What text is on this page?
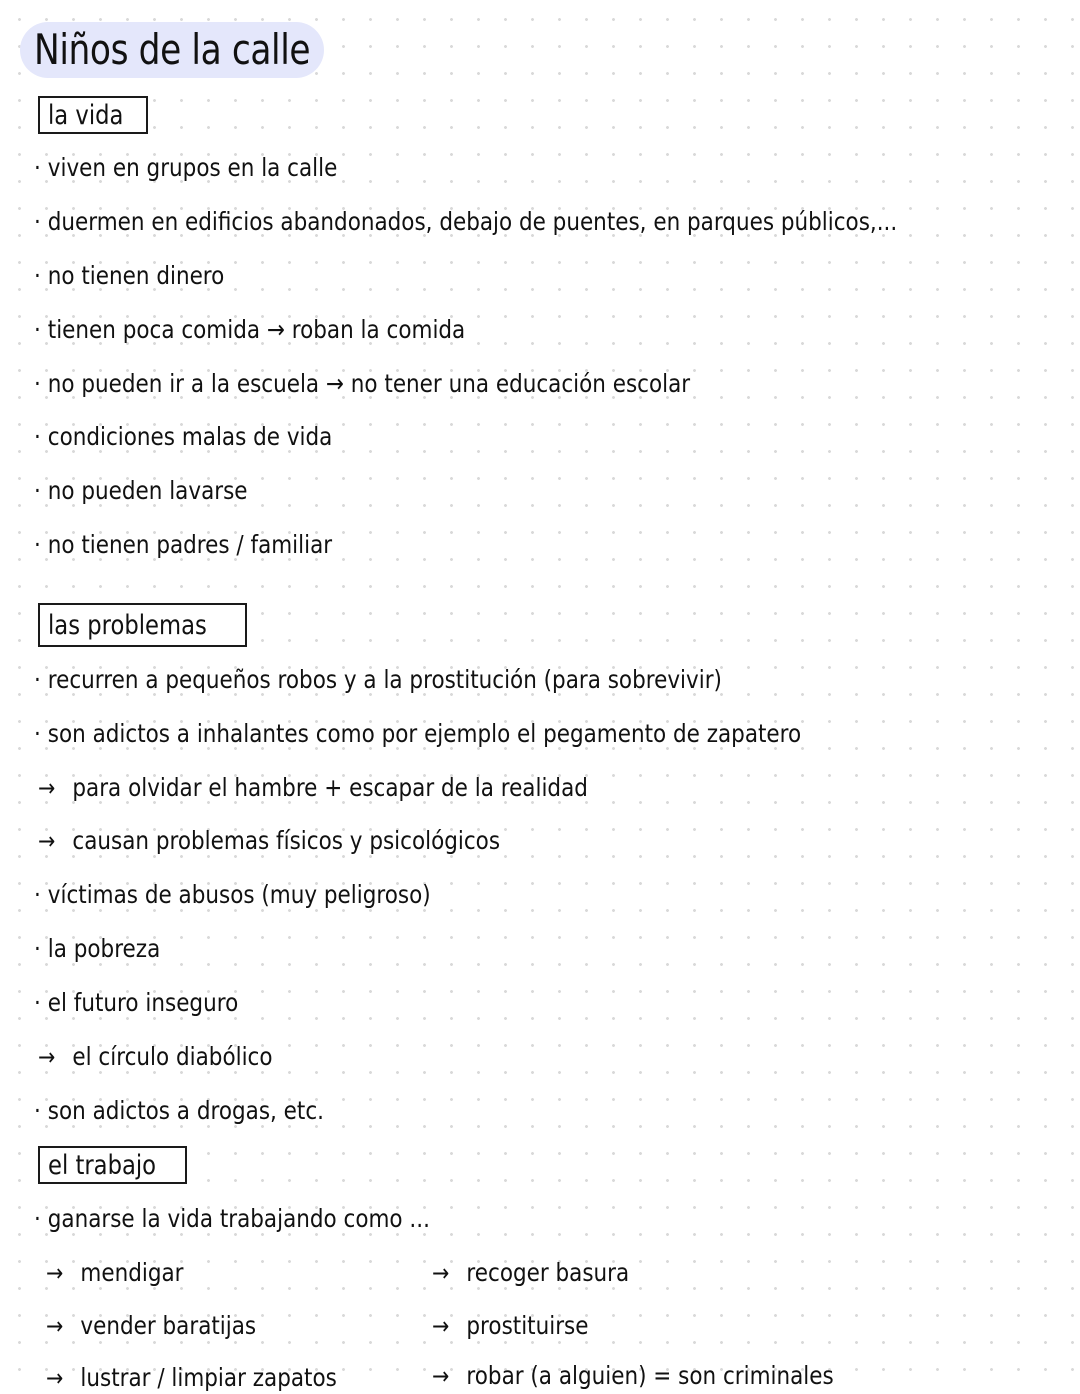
Niños de la calle
la vida
· viven en grupos en la calle
· duermen en edificios abandonados, debajo de puentes, en parques públicos,...
· no tienen dinero
· tienen poca comida → roban la comida
· no pueden ir a la escuela → no tener una educación escolar
· condiciones malas de vida
· no pueden lavarse
· no tienen padres / familiar
las problemas
· recurren a pequeños robos y a la prostitución (para sobrevivir)
· son adictos a inhalantes como por ejemplo el pegamento de zapatero
→ para olvidar el hambre + escapar de la realidad
→ causan problemas físicos y psicológicos
· víctimas de abusos (muy peligroso)
· la pobreza
· el futuro inseguro
→ el círculo diabólico
· son adictos a drogas, etc.
el trabajo
· ganarse la vida trabajando como ...
→ mendigar
→ vender baratijas
→ lustrar / limpiar zapatos
→ recoger basura
→ prostituirse
→ robar (a alguien) = son criminales
